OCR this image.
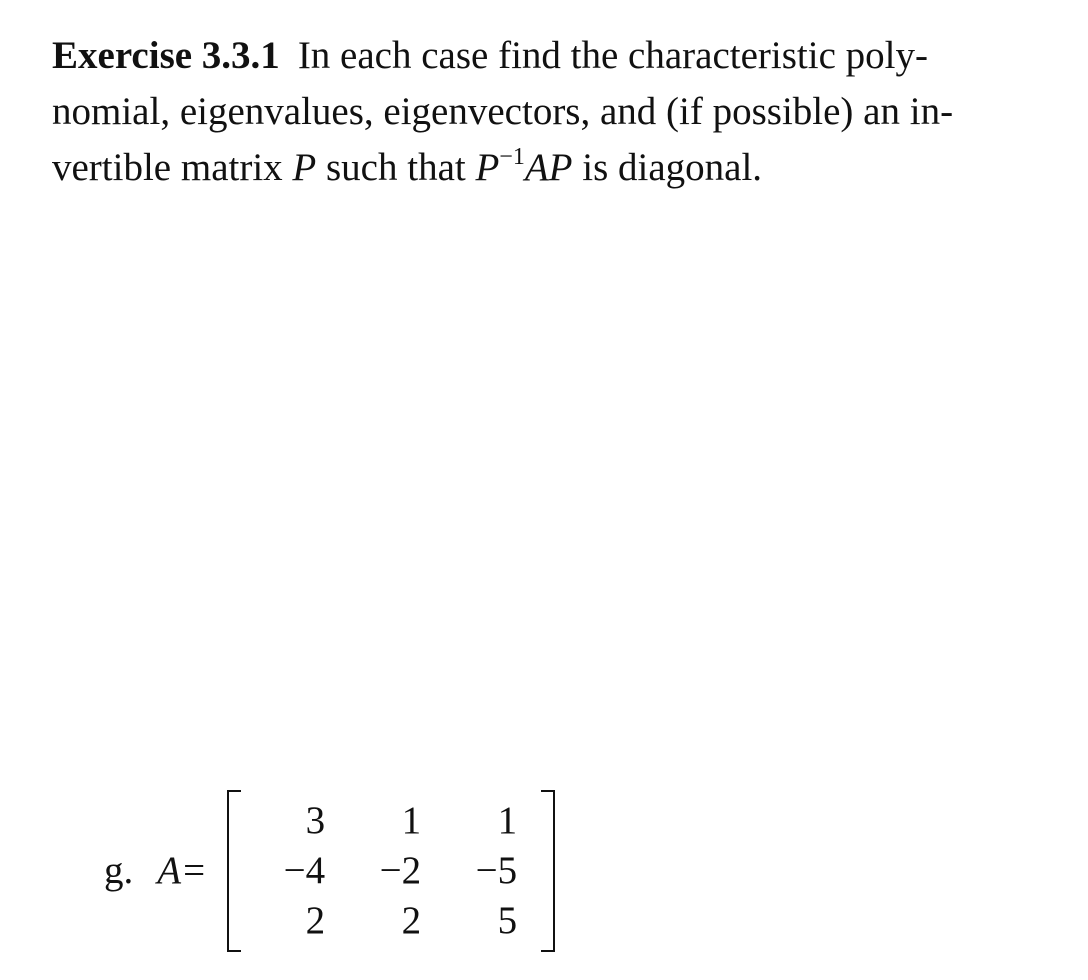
Exercise 3.3.1 In each case find the characteristic poly-
nomial, eigenvalues, eigenvectors, and (if possible) an in-
vertible matrix P such that $P^{-1}AP$ is diagonal.
g. A =
3	1	1
−4	−2	−5
2	2	5
